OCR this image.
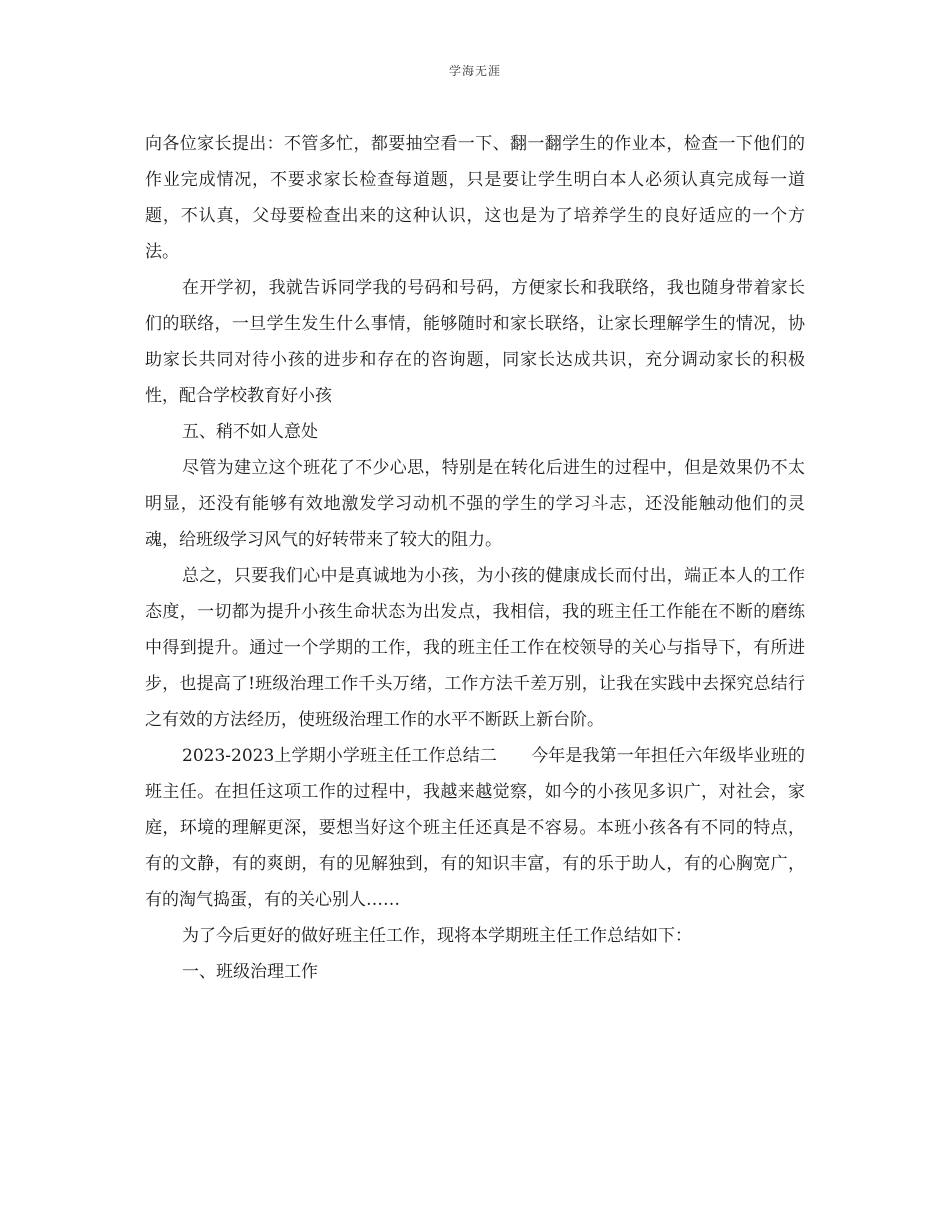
学海无涯

向各位家长提出：不管多忙，都要抽空看一下、翻一翻学生的作业本，检查一下他们的作业完成情况，不要求家长检查每道题，只是要让学生明白本人必须认真完成每一道题，不认真，父母要检查出来的这种认识，这也是为了培养学生的良好适应的一个方法。

在开学初，我就告诉同学我的号码和号码，方便家长和我联络，我也随身带着家长们的联络，一旦学生发生什么事情，能够随时和家长联络，让家长理解学生的情况，协助家长共同对待小孩的进步和存在的咨询题，同家长达成共识，充分调动家长的积极性，配合学校教育好小孩

五、稍不如人意处

尽管为建立这个班花了不少心思，特别是在转化后进生的过程中，但是效果仍不太明显，还没有能够有效地激发学习动机不强的学生的学习斗志，还没能触动他们的灵魂，给班级学习风气的好转带来了较大的阻力。

总之，只要我们心中是真诚地为小孩，为小孩的健康成长而付出，端正本人的工作态度，一切都为提升小孩生命状态为出发点，我相信，我的班主任工作能在不断的磨练中得到提升。通过一个学期的工作，我的班主任工作在校领导的关心与指导下，有所进步，也提高了!班级治理工作千头万绪，工作方法千差万别，让我在实践中去探究总结行之有效的方法经历，使班级治理工作的水平不断跃上新台阶。

2023-2023上学期小学班主任工作总结二　　今年是我第一年担任六年级毕业班的班主任。在担任这项工作的过程中，我越来越觉察，如今的小孩见多识广，对社会，家庭，环境的理解更深，要想当好这个班主任还真是不容易。本班小孩各有不同的特点，有的文静，有的爽朗，有的见解独到，有的知识丰富，有的乐于助人，有的心胸宽广，有的淘气捣蛋，有的关心别人……

为了今后更好的做好班主任工作，现将本学期班主任工作总结如下：

一、班级治理工作
